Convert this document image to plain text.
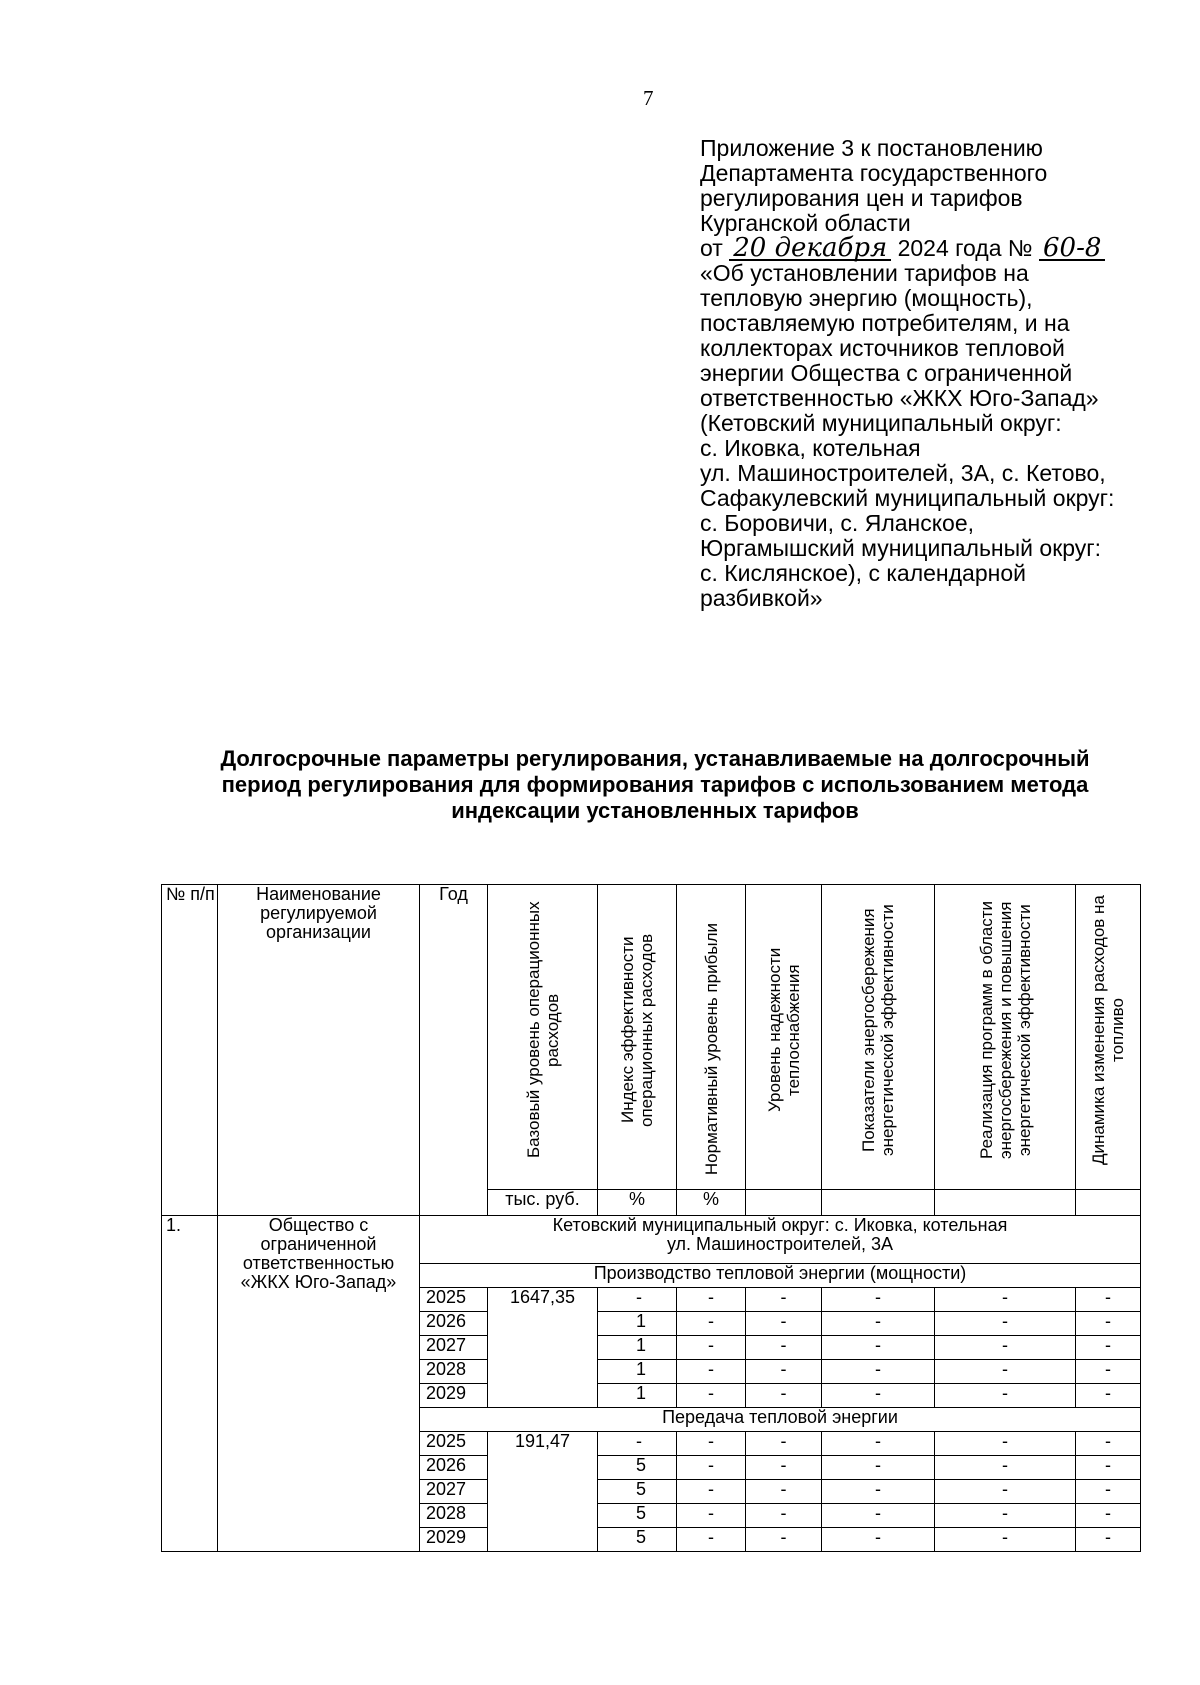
7
Приложение 3 к постановлению
Департамента государственного
регулирования цен и тарифов
Курганской области
от 20 декабря 2024 года № 60-8
«Об установлении тарифов на
тепловую энергию (мощность),
поставляемую потребителям, и на
коллекторах источников тепловой
энергии Общества с ограниченной
ответственностью «ЖКХ Юго-Запад»
(Кетовский муниципальный округ:
с. Иковка, котельная
ул. Машиностроителей, 3А, с. Кетово,
Сафакулевский муниципальный округ:
с. Боровичи, с. Яланское,
Юргамышский муниципальный округ:
с. Кислянское), с календарной
разбивкой»
Долгосрочные параметры регулирования, устанавливаемые на долгосрочный
период регулирования для формирования тарифов с использованием метода
индексации установленных тарифов
№ п/п	Наименование регулируемой организации	Год	Базовый уровень операционных расходов	Индекс эффективности операционных расходов	Нормативный уровень прибыли	Уровень надежности теплоснабжения	Показатели энергосбережения энергетической эффективности	Реализация программ в области энергосбережения и повышения энергетической эффективности	Динамика изменения расходов на топливо
			тыс. руб.	%	%				
1.	Общество с ограниченной ответственностью «ЖКХ Юго-Запад»	Кетовский муниципальный округ: с. Иковка, котельная
ул. Машиностроителей, 3А							

		Производство тепловой энергии (мощности)							
		2025	1647,35	-	-	-	-	-	-
		2026		1	-	-	-	-	-
		2027		1	-	-	-	-	-
		2028		1	-	-	-	-	-
		2029		1	-	-	-	-	-
		Передача тепловой энергии							
		2025	191,47	-	-	-	-	-	-
		2026		5	-	-	-	-	-
		2027		5	-	-	-	-	-
		2028		5	-	-	-	-	-
		2029		5	-	-	-	-	-
